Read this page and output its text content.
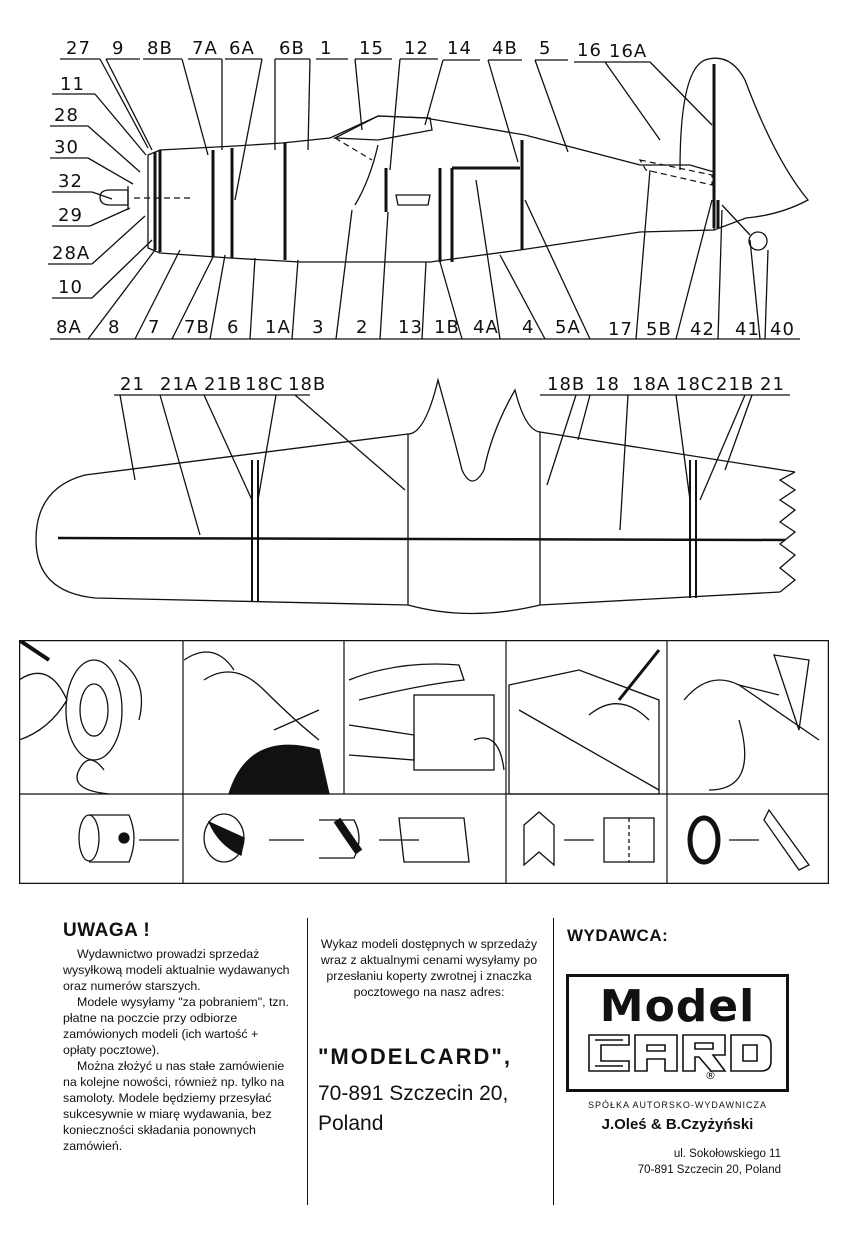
27 9 8B 7A 6A 6B 1 15 12 14 4B 5 16 16A
11
28
30
32
29
28A
10
8A 8 7 7B 6 1A 3 2 13 1B 4A 4 5A 17 5B 42 41 40
21 21A 21B 18C 18B	18B 18 18A 18C 21B 21
UWAGA !

Wydawnictwo prowadzi sprzedaż wysyłkową modeli aktualnie wydawanych oraz numerów starszych.

Modele wysyłamy "za pobraniem", tzn. płatne na poczcie przy odbiorze zamówionych modeli (ich wartość + opłaty pocztowe).

Można złożyć u nas stałe zamówienie na kolejne nowości, również np. tylko na samoloty. Modele będziemy przesyłać sukcesywnie w miarę wydawania, bez konieczności składania ponownych zamówień.

Wykaz modeli dostępnych w sprzedaży wraz z aktualnymi cenami wysyłamy po przesłaniu koperty zwrotnej i znaczka pocztowego na nasz adres:
"MODELCARD",
70-891 Szczecin 20,
Poland
WYDAWCA:
Model
®
SPÓŁKA AUTORSKO-WYDAWNICZA
J.Oleś & B.Czyżyński
ul. Sokołowskiego 11
70-891 Szczecin 20, Poland
